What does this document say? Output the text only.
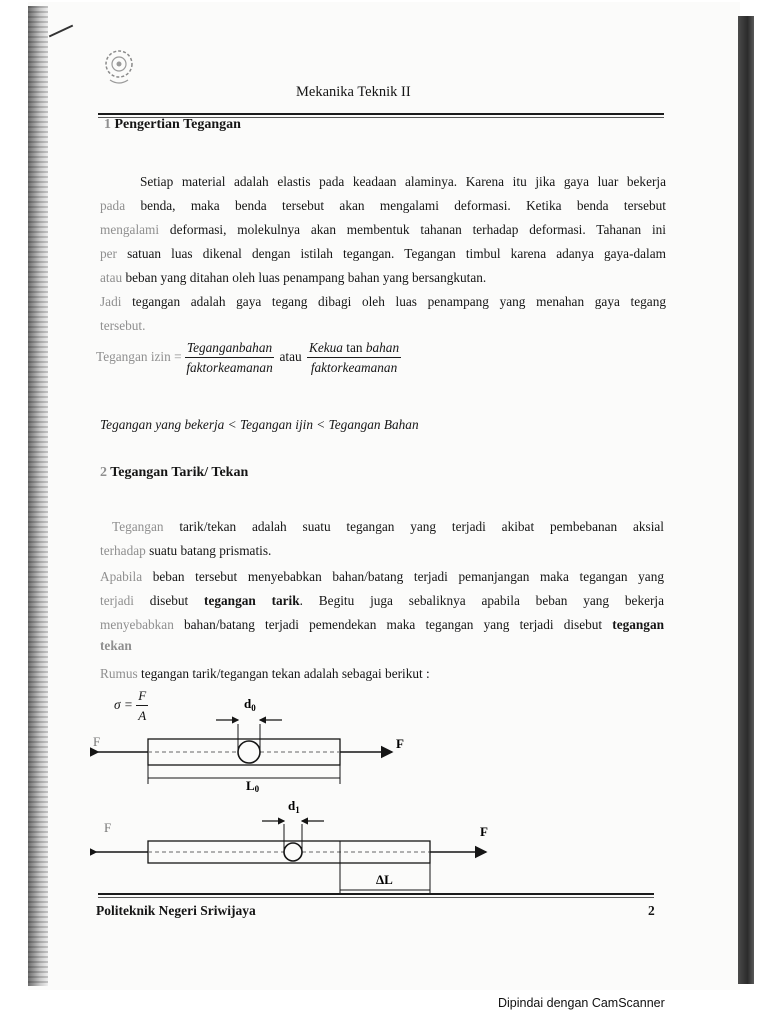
Mekanika Teknik II
1 Pengertian Tegangan
Setiap material adalah elastis pada keadaan alaminya. Karena itu jika gaya luar bekerja
pada benda, maka benda tersebut akan mengalami deformasi. Ketika benda tersebut
mengalami deformasi, molekulnya akan membentuk tahanan terhadap deformasi. Tahanan ini
per satuan luas dikenal dengan istilah tegangan. Tegangan timbul karena adanya gaya-dalam
atau beban yang ditahan oleh luas penampang bahan yang bersangkutan.
Jadi tegangan adalah gaya tegang dibagi oleh luas penampang yang menahan gaya tegang
tersebut.
Tegangan izin = $\frac{\text{Teganganbahan}}{\text{faktorkeamanan}}$ atau $\frac{\text{Kekua tan bahan}}{\text{faktorkeamanan}}$
Tegangan yang bekerja < Tegangan ijin < Tegangan Bahan
2 Tegangan Tarik/ Tekan
Tegangan tarik/tekan adalah suatu tegangan yang terjadi akibat pembebanan aksial
terhadap suatu batang prismatis.
Apabila beban tersebut menyebabkan bahan/batang terjadi pemanjangan maka tegangan yang
terjadi disebut tegangan tarik. Begitu juga sebaliknya apabila beban yang bekerja
menyebabkan bahan/batang terjadi pemendekan maka tegangan yang terjadi disebut tegangan
tekan
Rumus tegangan tarik/tegangan tekan adalah sebagai berikut :
$\sigma = \frac{F}{A}$	$d_0$
F	F
L0
$d_1$
F	F
ΔL
Politeknik Negeri Sriwijaya	2
Dipindai dengan CamScanner
